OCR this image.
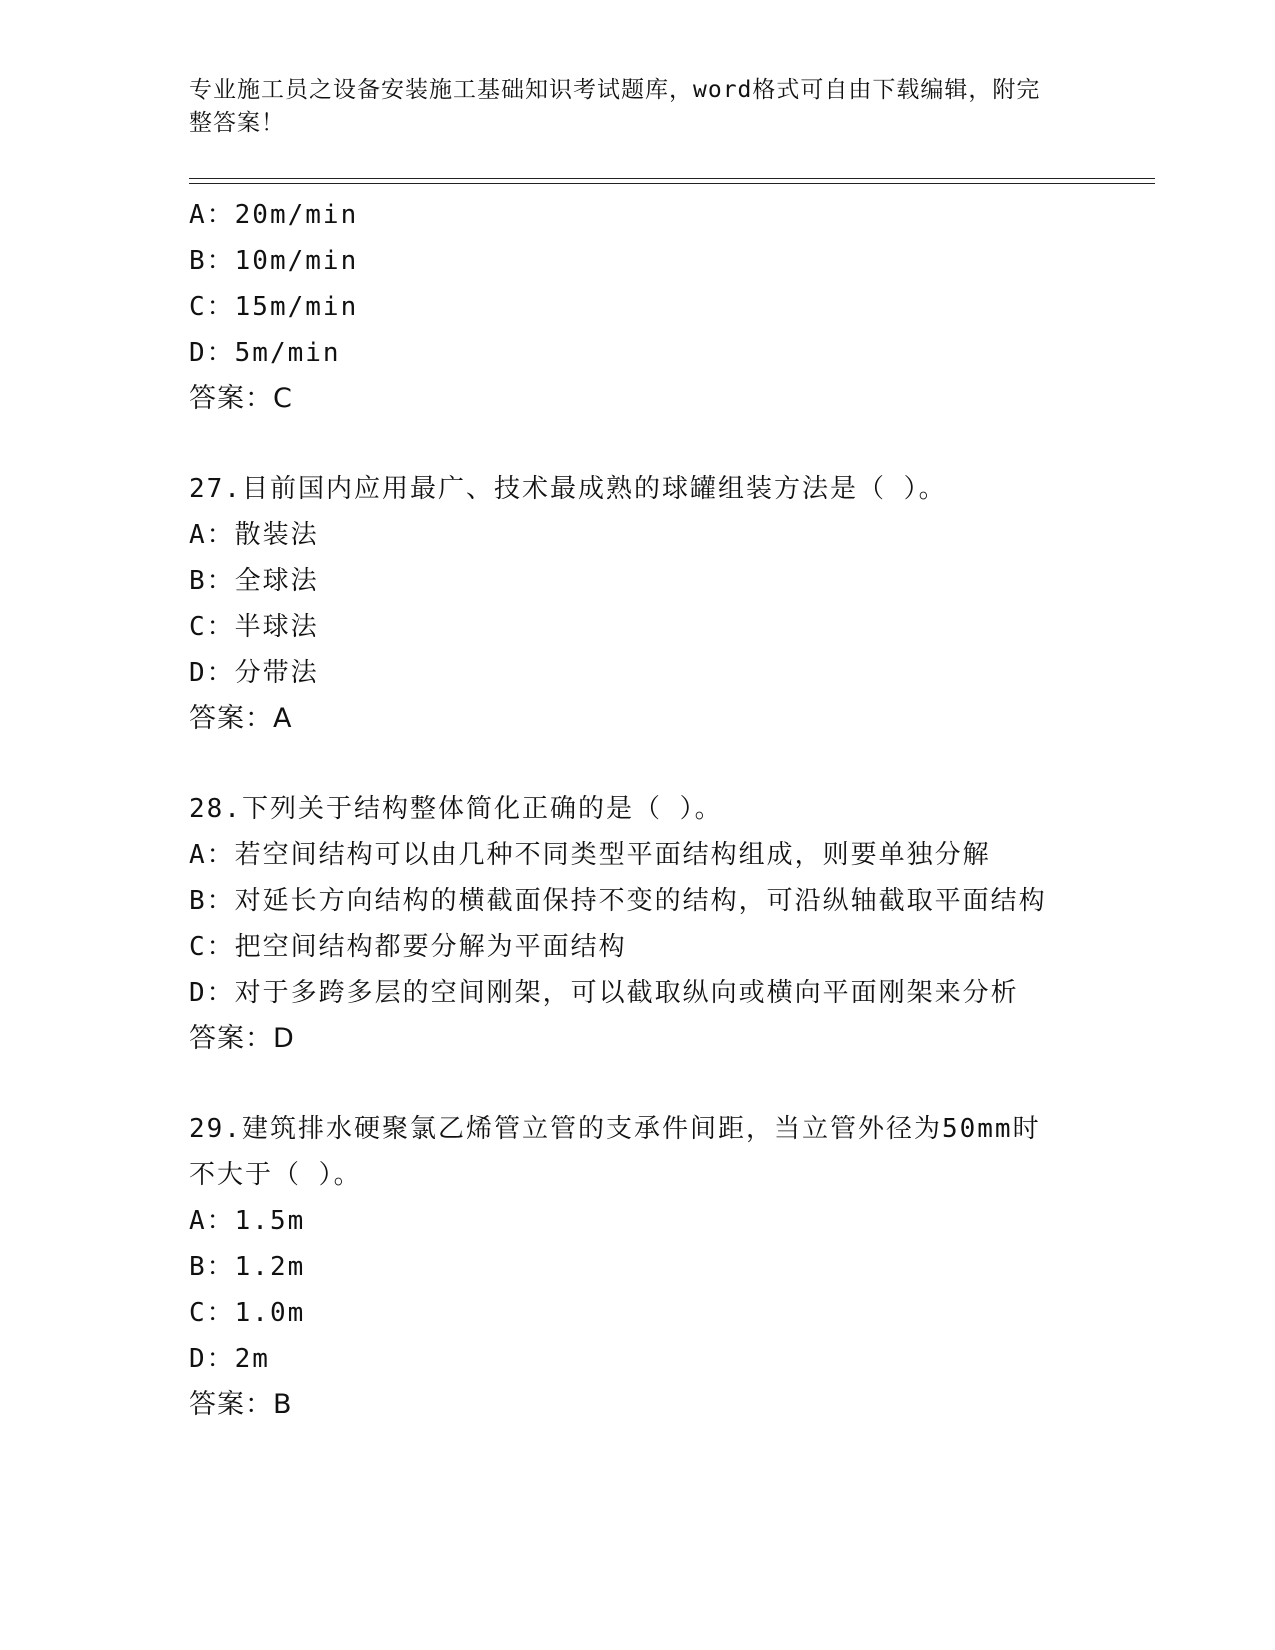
专业施工员之设备安装施工基础知识考试题库，word格式可自由下载编辑，附完
整答案！
A：20m/min
B：10m/min
C：15m/min
D：5m/min
答案：C
27.目前国内应用最广、技术最成熟的球罐组装方法是（ ）。
A：散装法
B：全球法
C：半球法
D：分带法
答案：A
28.下列关于结构整体简化正确的是（ ）。
A：若空间结构可以由几种不同类型平面结构组成，则要单独分解
B：对延长方向结构的横截面保持不变的结构，可沿纵轴截取平面结构
C：把空间结构都要分解为平面结构
D：对于多跨多层的空间刚架，可以截取纵向或横向平面刚架来分析
答案：D
29.建筑排水硬聚氯乙烯管立管的支承件间距，当立管外径为50mm时
不大于（ ）。
A：1.5m
B：1.2m
C：1.0m
D：2m
答案：B
